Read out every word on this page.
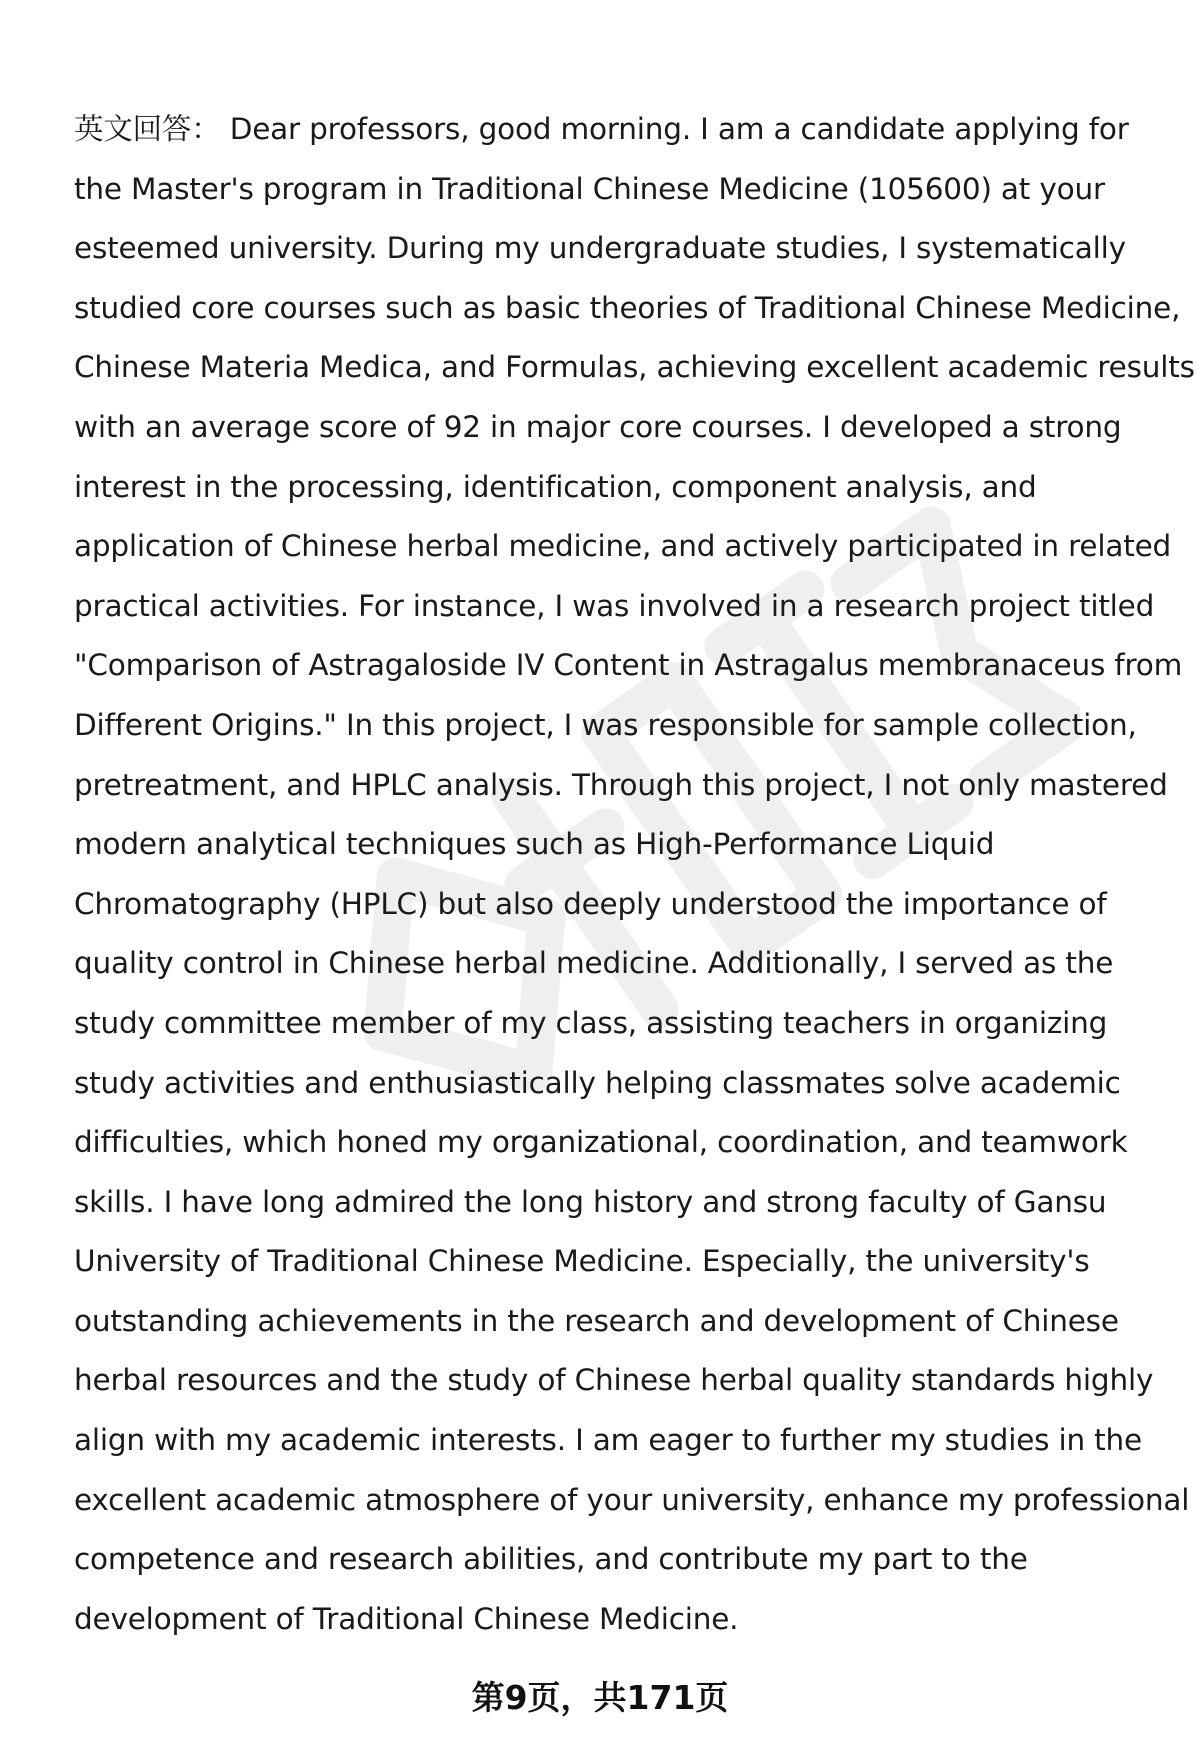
英文回答： Dear professors, good morning. I am a candidate applying for
the Master's program in Traditional Chinese Medicine (105600) at your
esteemed university. During my undergraduate studies, I systematically
studied core courses such as basic theories of Traditional Chinese Medicine,
Chinese Materia Medica, and Formulas, achieving excellent academic results
with an average score of 92 in major core courses. I developed a strong
interest in the processing, identification, component analysis, and
application of Chinese herbal medicine, and actively participated in related
practical activities. For instance, I was involved in a research project titled
"Comparison of Astragaloside IV Content in Astragalus membranaceus from
Different Origins." In this project, I was responsible for sample collection,
pretreatment, and HPLC analysis. Through this project, I not only mastered
modern analytical techniques such as High-Performance Liquid
Chromatography (HPLC) but also deeply understood the importance of
quality control in Chinese herbal medicine. Additionally, I served as the
study committee member of my class, assisting teachers in organizing
study activities and enthusiastically helping classmates solve academic
difficulties, which honed my organizational, coordination, and teamwork
skills. I have long admired the long history and strong faculty of Gansu
University of Traditional Chinese Medicine. Especially, the university's
outstanding achievements in the research and development of Chinese
herbal resources and the study of Chinese herbal quality standards highly
align with my academic interests. I am eager to further my studies in the
excellent academic atmosphere of your university, enhance my professional
competence and research abilities, and contribute my part to the
development of Traditional Chinese Medicine.

第9页，共171页
